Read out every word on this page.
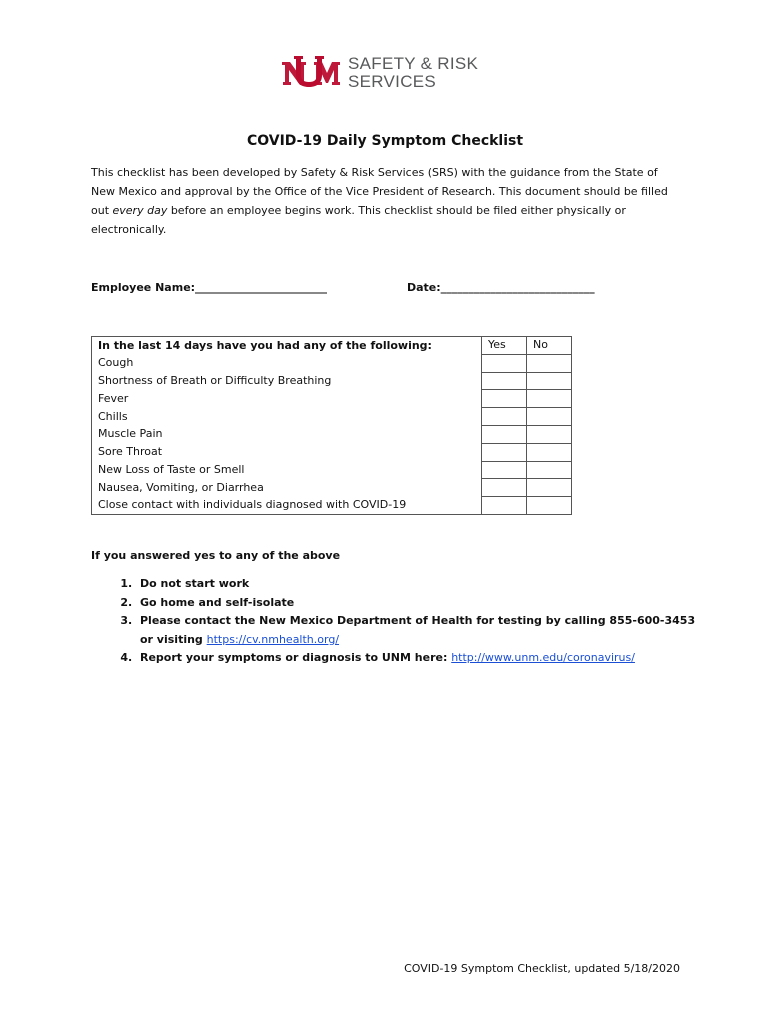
SAFETY & RISK
SERVICES
COVID-19 Daily Symptom Checklist
This checklist has been developed by Safety & Risk Services (SRS) with the guidance from the State of New Mexico and approval by the Office of the Vice President of Research. This document should be filled out every day before an employee begins work. This checklist should be filed either physically or electronically.
Employee Name:________________________	Date:____________________________
In the last 14 days have you had any of the following:	Yes	No
Cough		
Shortness of Breath or Difficulty Breathing		
Fever		
Chills		
Muscle Pain		
Sore Throat		
New Loss of Taste or Smell		
Nausea, Vomiting, or Diarrhea		
Close contact with individuals diagnosed with COVID-19		
If you answered yes to any of the above
1. Do not start work
2. Go home and self-isolate
3. Please contact the New Mexico Department of Health for testing by calling 855-600-3453 or visiting https://cv.nmhealth.org/
4. Report your symptoms or diagnosis to UNM here: http://www.unm.edu/coronavirus/
COVID-19 Symptom Checklist, updated 5/18/2020
